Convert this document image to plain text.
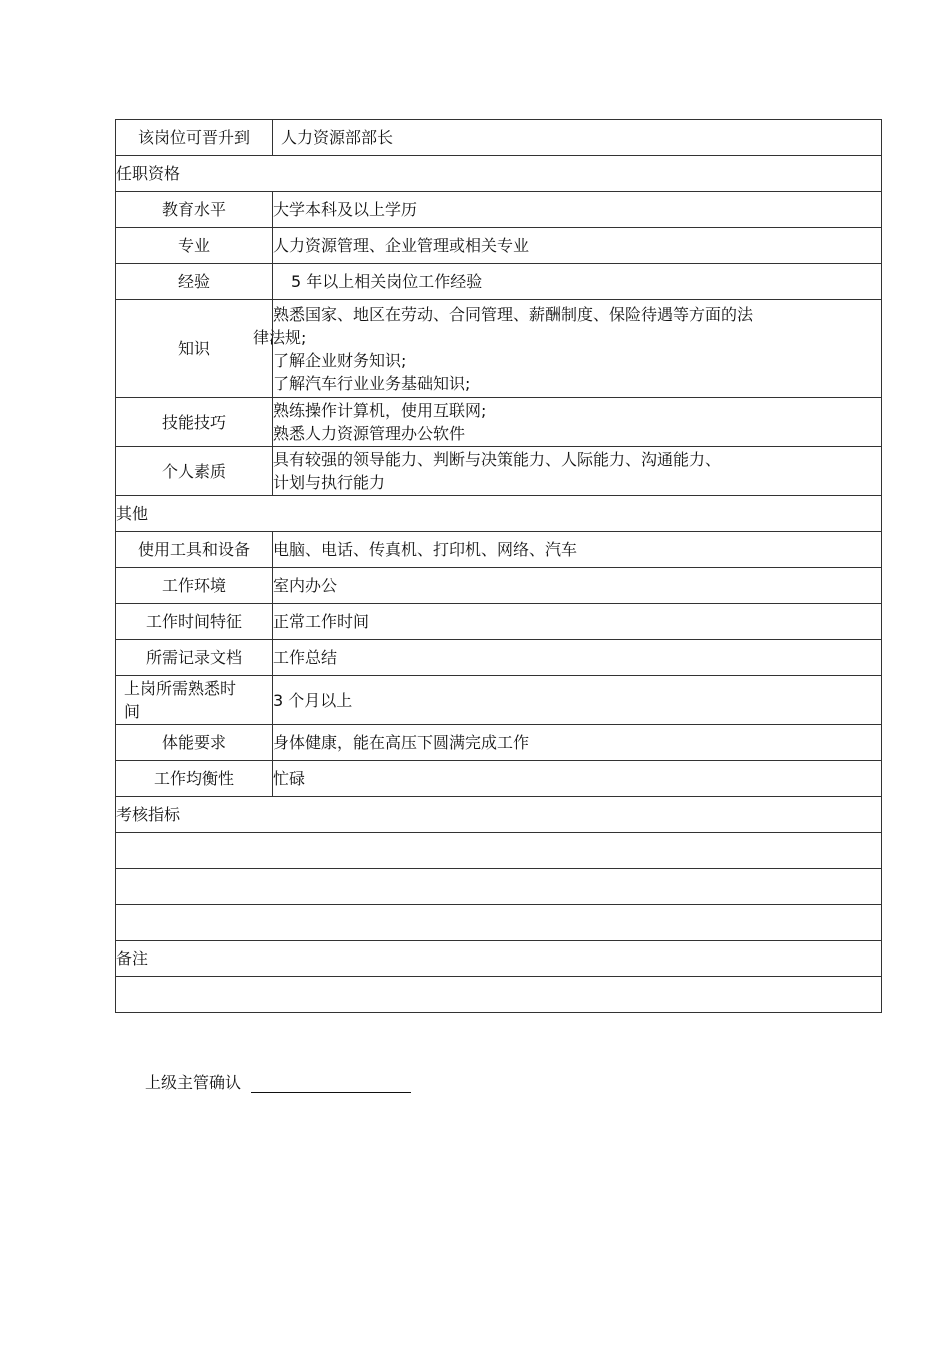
该岗位可晋升到	人力资源部部长
任职资格	
教育水平	大学本科及以上学历
专业	人力资源管理、企业管理或相关专业
经验	5 年以上相关岗位工作经验
知识	熟悉国家、地区在劳动、合同管理、薪酬制度、保险待遇等方面的法
律法规;
了解企业财务知识;
了解汽车行业业务基础知识;

技能技巧	熟练操作计算机，使用互联网;
熟悉人力资源管理办公软件

个人素质	具有较强的领导能力、判断与决策能力、人际能力、沟通能力、
计划与执行能力

其他	
使用工具和设备	电脑、电话、传真机、打印机、网络、汽车
工作环境	室内办公
工作时间特征	正常工作时间
所需记录文档	工作总结

上岗所需熟悉时
间	3 个月以上
体能要求	身体健康，能在高压下圆满完成工作
工作均衡性	忙碌
考核指标	

备注	

上级主管确认
